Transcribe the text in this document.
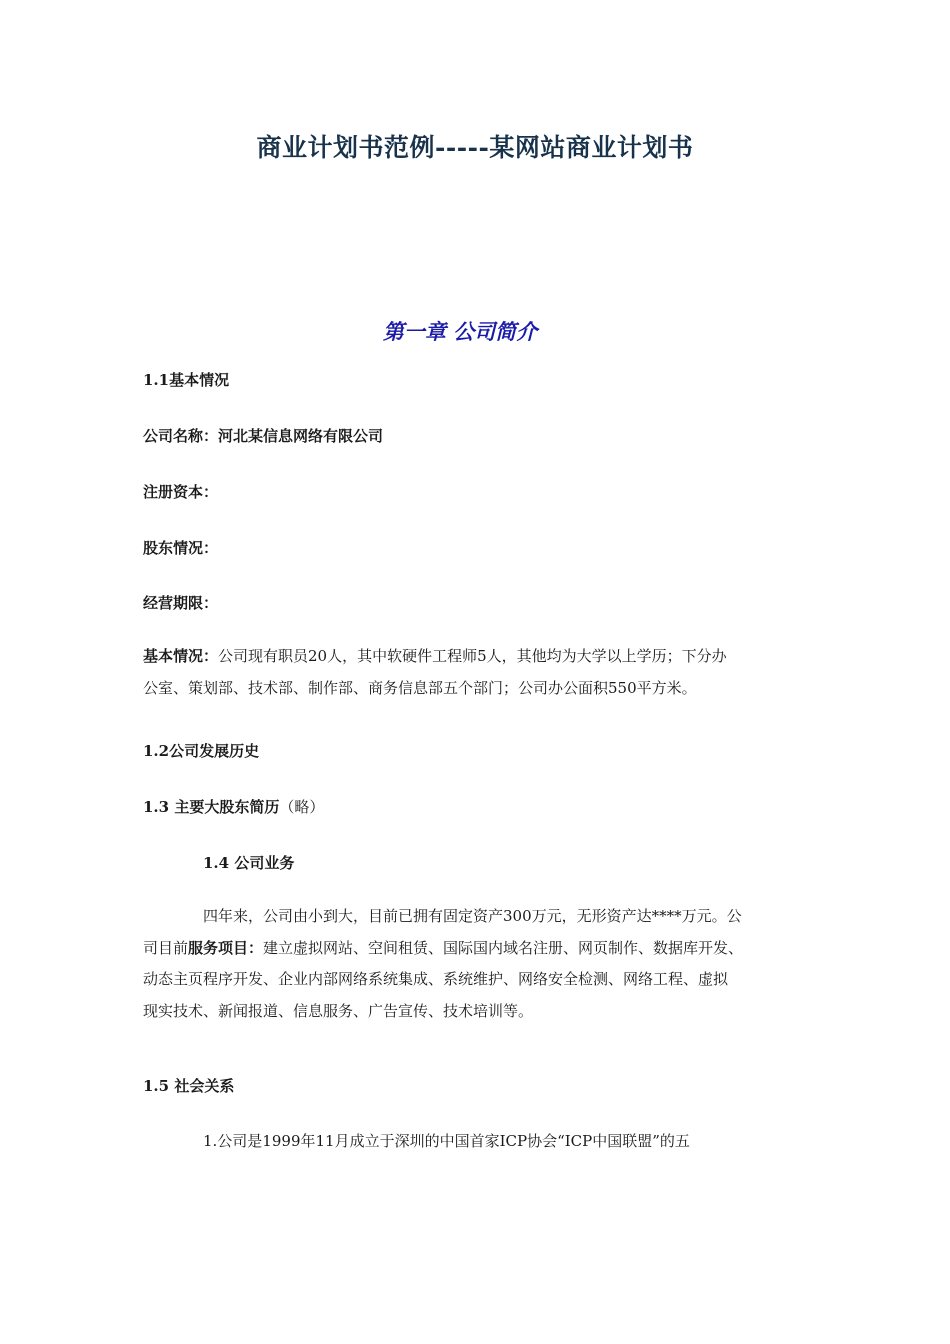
商业计划书范例-----某网站商业计划书
第一章 公司简介
1.1基本情况
公司名称：河北某信息网络有限公司
注册资本：
股东情况：
经营期限：
基本情况：公司现有职员20人，其中软硬件工程师5人，其他均为大学以上学历；下分办
公室、策划部、技术部、制作部、商务信息部五个部门；公司办公面积550平方米。
1.2公司发展历史
1.3 主要大股东简历（略）
1.4 公司业务
四年来，公司由小到大，目前已拥有固定资产300万元，无形资产达****万元。公
司目前服务项目：建立虚拟网站、空间租赁、国际国内域名注册、网页制作、数据库开发、
动态主页程序开发、企业内部网络系统集成、系统维护、网络安全检测、网络工程、虚拟
现实技术、新闻报道、信息服务、广告宣传、技术培训等。
1.5 社会关系
1.公司是1999年11月成立于深圳的中国首家ICP协会“ICP中国联盟”的五
